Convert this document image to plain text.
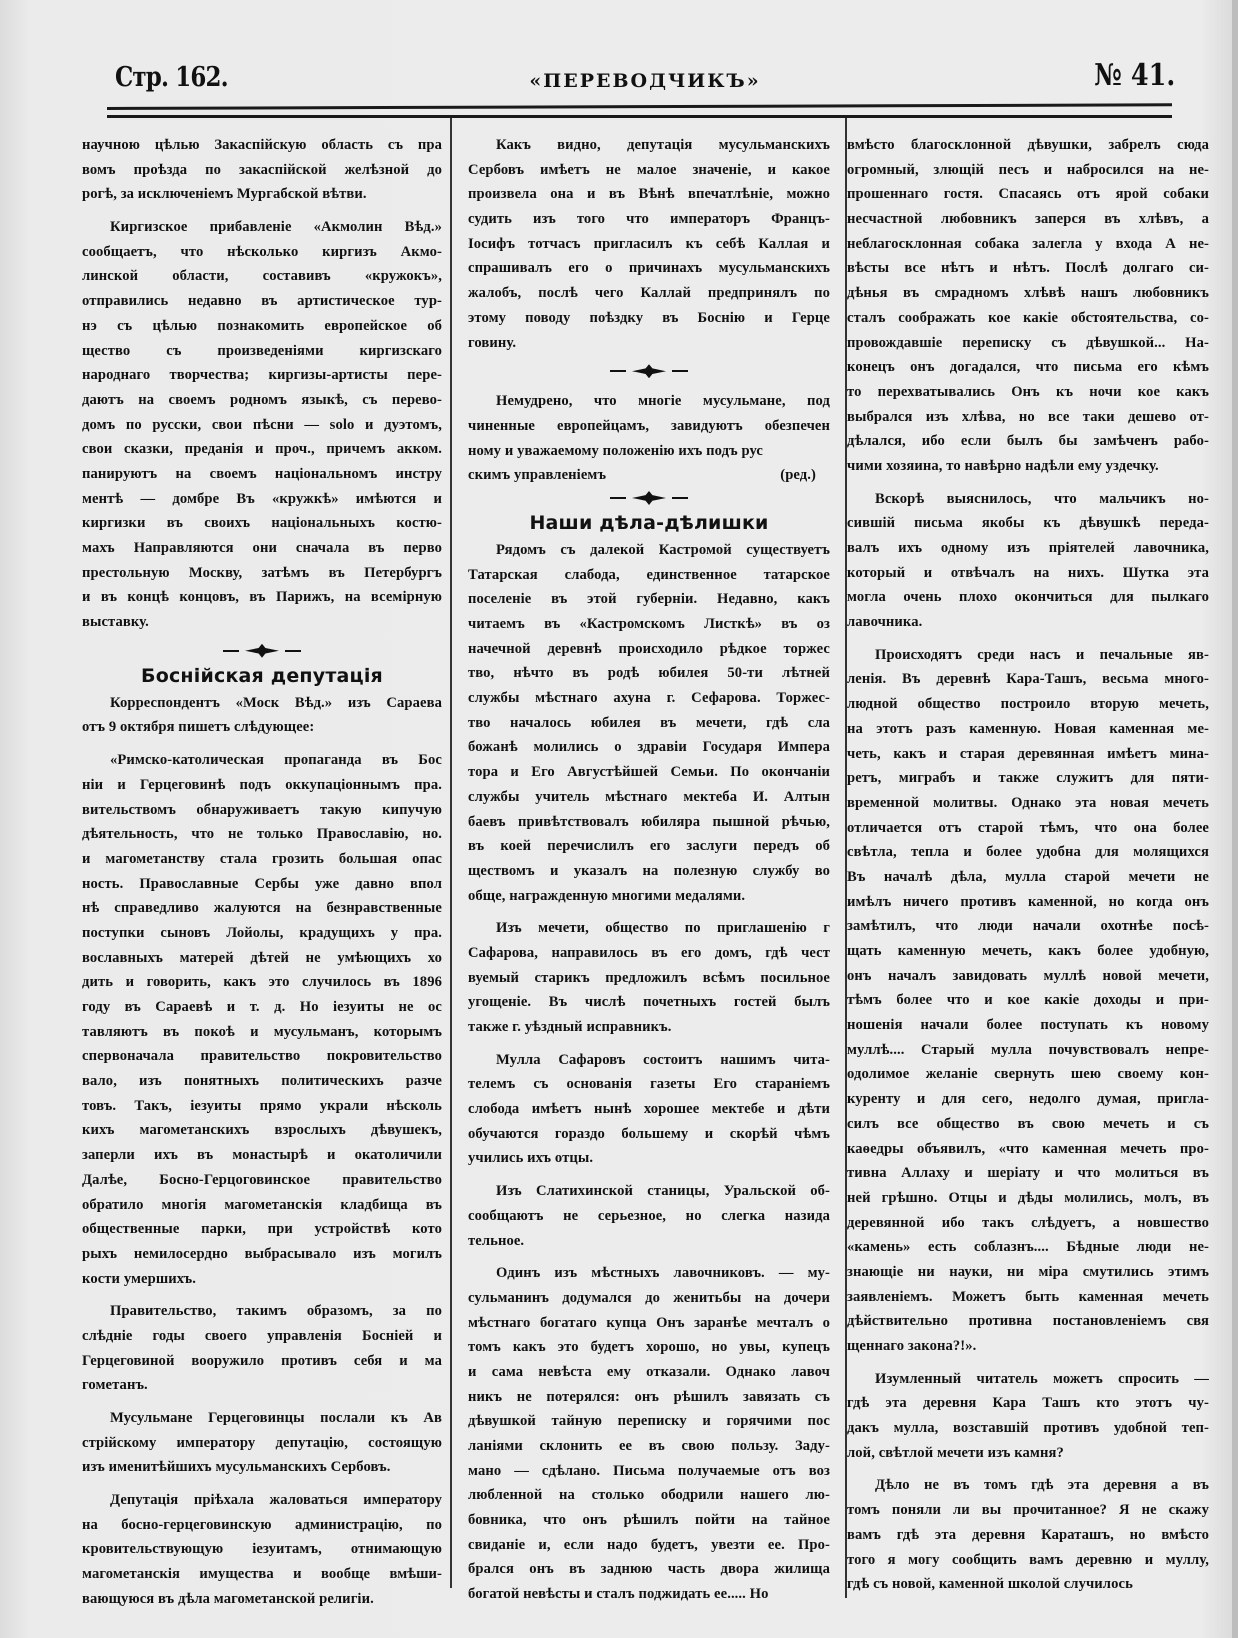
Стр. 162.	«ПЕРЕВОДЧИКЪ»	№ 41.
научною цѣлью Закаспійскую область съ пра
вомъ проѣзда по закаспійской желѣзной до
рогѣ, за исключеніемъ Мургабской вѣтви.
Киргизское прибавленіе «Акмолин Вѣд.»
сообщаетъ, что нѣсколько киргизъ Акмо-
линской области, составивъ «кружокъ»,
отправились недавно въ артистическое тур-
нэ съ цѣлью познакомить европейское об
щество съ произведеніями киргизскаго
народнаго творчества; киргизы-артисты пере-
даютъ на своемъ родномъ языкѣ, съ перево-
домъ по русски, свои пѣсни — solo и дуэтомъ,
свои сказки, преданія и проч., причемъ акком.
панируютъ на своемъ національномъ инстру
ментѣ — домбре Въ «кружкѣ» имѣются и
киргизки въ своихъ національныхъ костю-
махъ Направляются они сначала въ перво
престольную Москву, затѣмъ въ Петербургъ
и въ концѣ концовъ, въ Парижъ, на всемірную
выставку.
Боснійская депутація
Корреспондентъ «Моск Вѣд.» изъ Сараева
отъ 9 октября пишетъ слѣдующее:
«Римско-католическая пропаганда въ Бос
ніи и Герцеговинѣ подъ оккупаціоннымъ пра.
вительствомъ обнаруживаетъ такую кипучую
дѣятельность, что не только Православію, но.
и магометанству стала грозить большая опас
ность. Православные Сербы уже давно впол
нѣ справедливо жалуются на безнравственные
поступки сыновъ Лойолы, крадущихъ у пра.
вославныхъ матерей дѣтей не умѣющихъ хо
дить и говорить, какъ это случилось въ 1896
году въ Сараевѣ и т. д. Но іезуиты не ос
тавляютъ въ покоѣ и мусульманъ, которымъ
спервоначала правительство покровительство
вало, изъ понятныхъ политическихъ разче
товъ. Такъ, іезуиты прямо украли нѣсколь
кихъ магометанскихъ взрослыхъ дѣвушекъ,
заперли ихъ въ монастырѣ и окатоличили
Далѣе, Босно-Герцоговинское правительство
обратило многія магометанскія кладбища въ
общественные парки, при устройствѣ кото
рыхъ немилосердно выбрасывало изъ могилъ
кости умершихъ.
Правительство, такимъ образомъ, за по
слѣдніе годы своего управленія Босніей и
Герцеговиной вооружило противъ себя и ма
гометанъ.
Мусульмане Герцеговинцы послали къ Ав
стрійскому императору депутацію, состоящую
изъ именитѣйшихъ мусульманскихъ Сербовъ.
Депутація пріѣхала жаловаться императору
на босно-герцеговинскую администрацію, по
кровительствующую іезуитамъ, отнимающую
магометанскія имущества и вообще вмѣши-
вающуюся въ дѣла магометанской религіи.
Какъ видно, депутація мусульманскихъ
Сербовъ имѣетъ не малое значеніе, и какое
произвела она и въ Вѣнѣ впечатлѣніе, можно
судить изъ того что императоръ Францъ-
Іосифъ тотчасъ пригласилъ къ себѣ Каллая и
спрашивалъ его о причинахъ мусульманскихъ
жалобъ, послѣ чего Каллай предпринялъ по
этому поводу поѣздку въ Боснію и Герце
говину.
Немудрено, что многіе мусульмане, под
чиненные европейцамъ, завидуютъ обезпечен
ному и уважаемому положенію ихъ подъ рус
скимъ управленіемъ	(ред.)
Наши дѣла-дѣлишки
Рядомъ съ далекой Кастромой существуетъ
Татарская слабода, единственное татарское
поселеніе въ этой губерніи. Недавно, какъ
читаемъ въ «Кастромскомъ Листкѣ» въ оз
начечной деревнѣ происходило рѣдкое торжес
тво, нѣчто въ родѣ юбилея 50-ти лѣтней
службы мѣстнаго ахуна г. Сефарова. Торжес-
тво началось юбилея въ мечети, гдѣ сла
божанѣ молились о здравіи Государя Импера
тора и Его Августѣйшей Семьи. По окончаніи
службы учитель мѣстнаго мектеба И. Алтын
баевъ привѣтствовалъ юбиляра пышной рѣчью,
въ коей перечислилъ его заслуги передъ об
ществомъ и указалъ на полезную службу во
обще, награжденную многими медалями.
Изъ мечети, общество по приглашенію г
Сафарова, направилось въ его домъ, гдѣ чест
вуемый старикъ предложилъ всѣмъ посильное
угощеніе. Въ числѣ почетныхъ гостей былъ
также г. уѣздный исправникъ.
Мулла Сафаровъ состоитъ нашимъ чита-
телемъ съ основанія газеты Его стараніемъ
слобода имѣетъ нынѣ хорошее мектебе и дѣти
обучаются гораздо большему и скорѣй чѣмъ
учились ихъ отцы.
Изъ Слатихинской станицы, Уральской об-
сообщаютъ не серьезное, но слегка назида
тельное.
Одинъ изъ мѣстныхъ лавочниковъ. — му-
сульманинъ додумался до женитьбы на дочери
мѣстнаго богатаго купца Онъ заранѣе мечталъ о
томъ какъ это будетъ хорошо, но увы, купецъ
и сама невѣста ему отказали. Однако лавоч
никъ не потерялся: онъ рѣшилъ завязать съ
дѣвушкой тайную переписку и горячими пос
ланіями склонить ее въ свою пользу. Заду-
мано — сдѣлано. Письма получаемые отъ воз
любленной на столько ободрили нашего лю-
бовника, что онъ рѣшилъ пойти на тайное
свиданіе и, если надо будетъ, увезти ее. Про-
брался онъ въ заднюю часть двора жилища
богатой невѣсты и сталъ поджидать ее..... Но
вмѣсто благосклонной дѣвушки, забрелъ сюда
огромный, злющій песъ и набросился на не-
прошеннаго гостя. Спасаясь отъ ярой собаки
несчастной любовникъ заперся въ хлѣвъ, а
неблагосклонная собака залегла у входа А не-
вѣсты все нѣтъ и нѣтъ. Послѣ долгаго си-
дѣнья въ смрадномъ хлѣвѣ нашъ любовникъ
сталъ соображать кое какіе обстоятельства, со-
провождавшіе переписку съ дѣвушкой... На-
конецъ онъ догадался, что письма его кѣмъ
то перехватывались Онъ къ ночи кое какъ
выбрался изъ хлѣва, но все таки дешево от-
дѣлался, ибо если былъ бы замѣченъ рабо-
чими хозяина, то навѣрно надѣли ему уздечку.
Вскорѣ выяснилось, что мальчикъ но-
сившій письма якобы къ дѣвушкѣ переда-
валъ ихъ одному изъ пріятелей лавочника,
который и отвѣчалъ на нихъ. Шутка эта
могла очень плохо окончиться для пылкаго
лавочника.
Происходятъ среди насъ и печальные яв-
ленія. Въ деревнѣ Кара-Ташъ, весьма много-
людной общество построило вторую мечеть,
на этотъ разъ каменную. Новая каменная ме-
четь, какъ и старая деревянная имѣетъ мина-
ретъ, миграбъ и также служитъ для пяти-
временной молитвы. Однако эта новая мечеть
отличается отъ старой тѣмъ, что она более
свѣтла, тепла и более удобна для молящихся
Въ началѣ дѣла, мулла старой мечети не
имѣлъ ничего противъ каменной, но когда онъ
замѣтилъ, что люди начали охотнѣе посѣ-
щать каменную мечеть, какъ более удобную,
онъ началъ завидовать муллѣ новой мечети,
тѣмъ более что и кое какіе доходы и при-
ношенія начали более поступать къ новому
муллѣ.... Старый мулла почувствовалъ непре-
одолимое желаніе свернуть шею своему кон-
куренту и для сего, недолго думая, пригла-
силъ все общество въ свою мечеть и съ
каѳедры объявилъ, «что каменная мечеть про-
тивна Аллаху и шеріату и что молиться въ
ней грѣшно. Отцы и дѣды молились, молъ, въ
деревянной ибо такъ слѣдуетъ, а новшество
«камень» есть соблазнъ.... Бѣдные люди не-
знающіе ни науки, ни міра смутились этимъ
заявленіемъ. Можетъ быть каменная мечеть
дѣйствительно противна постановленіемъ свя
щеннаго закона?!».
Изумленный читатель можетъ спросить —
гдѣ эта деревня Кара Ташъ кто этотъ чу-
дакъ мулла, возставшій противъ удобной теп-
лой, свѣтлой мечети изъ камня?
Дѣло не въ томъ гдѣ эта деревня а въ
томъ поняли ли вы прочитанное? Я не скажу
вамъ гдѣ эта деревня Караташъ, но вмѣсто
того я могу сообщить вамъ деревню и муллу,
гдѣ съ новой, каменной школой случилось
